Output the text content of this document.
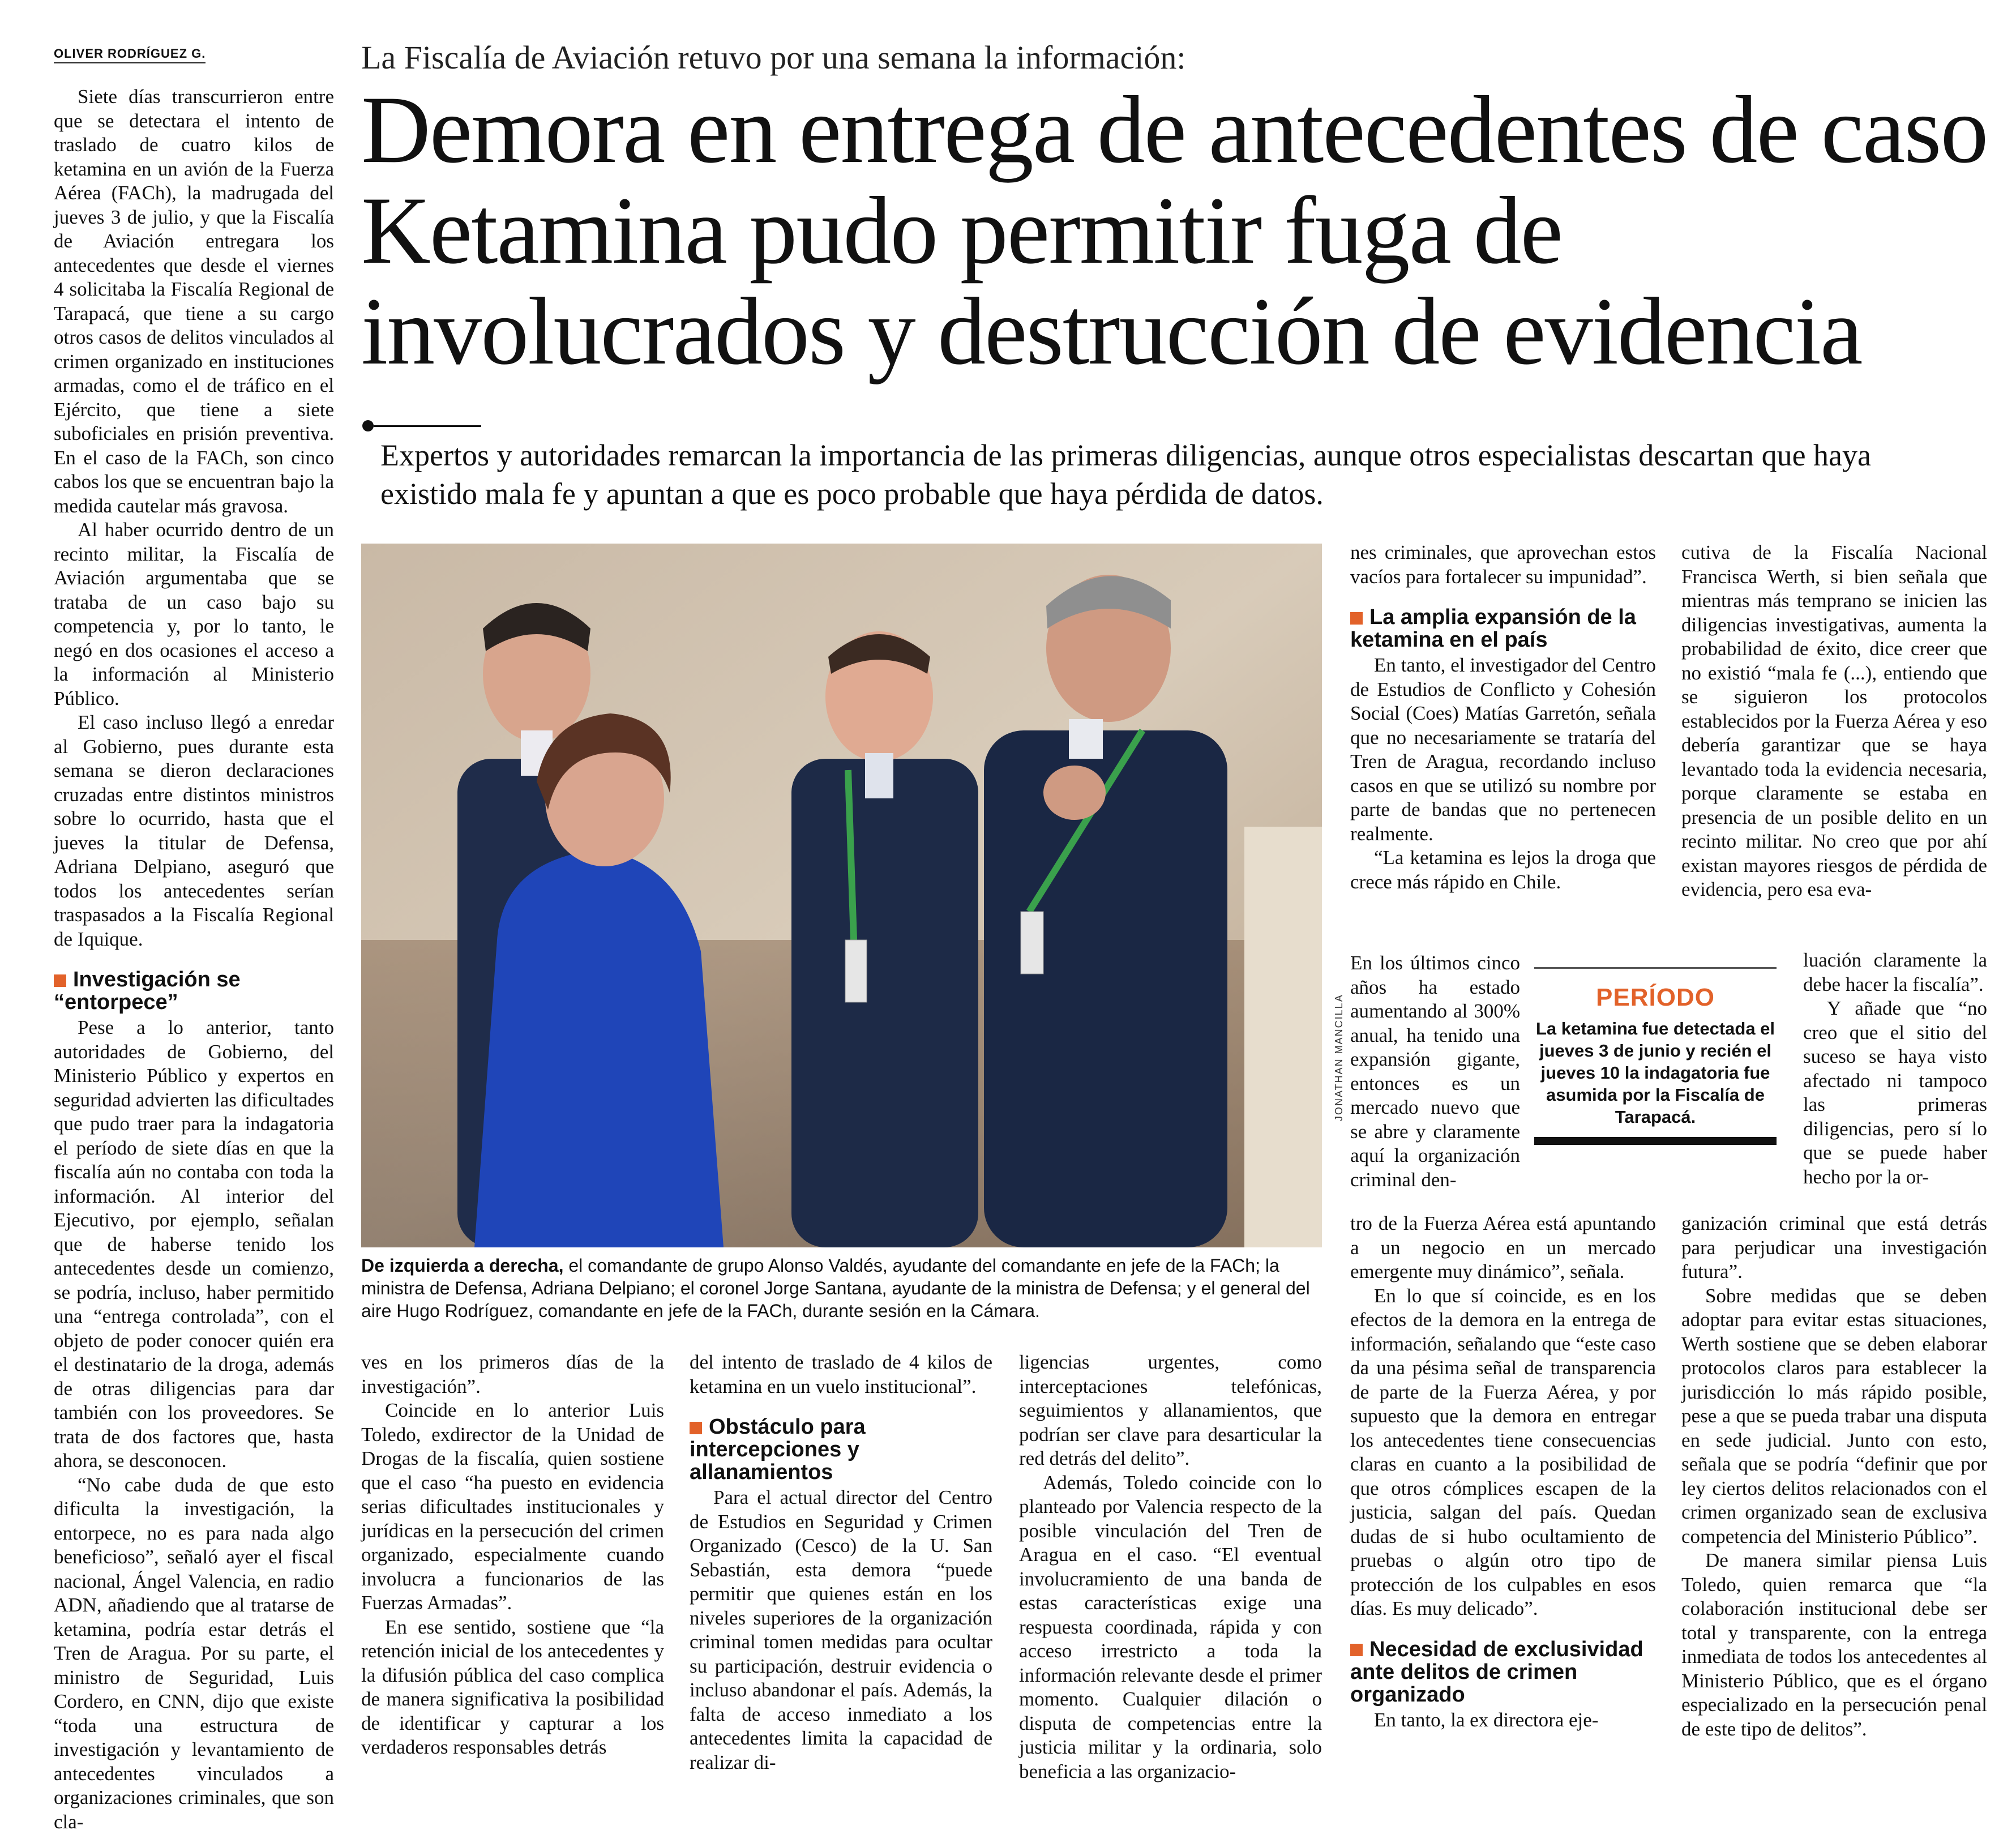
OLIVER RODRÍGUEZ G.

Siete días transcurrieron entre que se detectara el intento de traslado de cuatro kilos de ketamina en un avión de la Fuerza Aérea (FACh), la madrugada del jueves 3 de julio, y que la Fiscalía de Aviación entregara los antecedentes que desde el viernes 4 solicitaba la Fiscalía Regional de Tarapacá, que tiene a su cargo otros casos de delitos vinculados al crimen organizado en instituciones armadas, como el de tráfico en el Ejército, que tiene a siete suboficiales en prisión preventiva. En el caso de la FACh, son cinco cabos los que se encuentran bajo la medida cautelar más gravosa.

Al haber ocurrido dentro de un recinto militar, la Fiscalía de Aviación argumentaba que se trataba de un caso bajo su competencia y, por lo tanto, le negó en dos ocasiones el acceso a la información al Ministerio Público.

El caso incluso llegó a enredar al Gobierno, pues durante esta semana se dieron declaraciones cruzadas entre distintos ministros sobre lo ocurrido, hasta que el jueves la titular de Defensa, Adriana Delpiano, aseguró que todos los antecedentes serían traspasados a la Fiscalía Regional de Iquique.

Investigación se “entorpece”

Pese a lo anterior, tanto autoridades de Gobierno, del Ministerio Público y expertos en seguridad advierten las dificultades que pudo traer para la indagatoria el período de siete días en que la fiscalía aún no contaba con toda la información. Al interior del Ejecutivo, por ejemplo, señalan que de haberse tenido los antecedentes desde un comienzo, se podría, incluso, haber permitido una “entrega controlada”, con el objeto de poder conocer quién era el destinatario de la droga, además de otras diligencias para dar también con los proveedores. Se trata de dos factores que, hasta ahora, se desconocen.

“No cabe duda de que esto dificulta la investigación, la entorpece, no es para nada algo beneficioso”, señaló ayer el fiscal nacional, Ángel Valencia, en radio ADN, añadiendo que al tratarse de ketamina, podría estar detrás el Tren de Aragua. Por su parte, el ministro de Seguridad, Luis Cordero, en CNN, dijo que existe “toda una estructura de investigación y levantamiento de antecedentes vinculados a organizaciones criminales, que son cla-

La Fiscalía de Aviación retuvo por una semana la información:
Demora en entrega de antecedentes de caso Ketamina pudo permitir fuga de involucrados y destrucción de evidencia
Expertos y autoridades remarcan la importancia de las primeras diligencias, aunque otros especialistas descartan que haya existido mala fe y apuntan a que es poco probable que haya pérdida de datos.
JONATHAN MANCILLA
De izquierda a derecha, el comandante de grupo Alonso Valdés, ayudante del comandante en jefe de la FACh; la ministra de Defensa, Adriana Delpiano; el coronel Jorge Santana, ayudante de la ministra de Defensa; y el general del aire Hugo Rodríguez, comandante en jefe de la FACh, durante sesión en la Cámara.

ves en los primeros días de la investigación”.

Coincide en lo anterior Luis Toledo, exdirector de la Unidad de Drogas de la fiscalía, quien sostiene que el caso “ha puesto en evidencia serias dificultades institucionales y jurídicas en la persecución del crimen organizado, especialmente cuando involucra a funcionarios de las Fuerzas Armadas”.

En ese sentido, sostiene que “la retención inicial de los antecedentes y la difusión pública del caso complica de manera significativa la posibilidad de identificar y capturar a los verdaderos responsables detrás

del intento de traslado de 4 kilos de ketamina en un vuelo institucional”.

Obstáculo para intercepciones y allanamientos

Para el actual director del Centro de Estudios en Seguridad y Crimen Organizado (Cesco) de la U. San Sebastián, esta demora “puede permitir que quienes están en los niveles superiores de la organización criminal tomen medidas para ocultar su participación, destruir evidencia o incluso abandonar el país. Además, la falta de acceso inmediato a los antecedentes limita la capacidad de realizar di-

ligencias urgentes, como interceptaciones telefónicas, seguimientos y allanamientos, que podrían ser clave para desarticular la red detrás del delito”.

Además, Toledo coincide con lo planteado por Valencia respecto de la posible vinculación del Tren de Aragua en el caso. “El eventual involucramiento de una banda de estas características exige una respuesta coordinada, rápida y con acceso irrestricto a toda la información relevante desde el primer momento. Cualquier dilación o disputa de competencias entre la justicia militar y la ordinaria, solo beneficia a las organizacio-

nes criminales, que aprovechan estos vacíos para fortalecer su impunidad”.

La amplia expansión de la ketamina en el país

En tanto, el investigador del Centro de Estudios de Conflicto y Cohesión Social (Coes) Matías Garretón, señala que no necesariamente se trataría del Tren de Aragua, recordando incluso casos en que se utilizó su nombre por parte de bandas que no pertenecen realmente.

“La ketamina es lejos la droga que crece más rápido en Chile.

En los últimos cinco años ha estado aumentando al 300% anual, ha tenido una expansión gigante, entonces es un mercado nuevo que se abre y claramente aquí la organización criminal den-

tro de la Fuerza Aérea está apuntando a un negocio en un mercado emergente muy dinámico”, señala.

En lo que sí coincide, es en los efectos de la demora en la entrega de información, señalando que “este caso da una pésima señal de transparencia de parte de la Fuerza Aérea, y por supuesto que la demora en entregar los antecedentes tiene consecuencias claras en cuanto a la posibilidad de que otros cómplices escapen de la justicia, salgan del país. Quedan dudas de si hubo ocultamiento de pruebas o algún otro tipo de protección de los culpables en esos días. Es muy delicado”.

Necesidad de exclusividad ante delitos de crimen organizado

En tanto, la ex directora eje-

PERÍODO
La ketamina fue detectada el jueves 3 de junio y recién el jueves 10 la indagatoria fue asumida por la Fiscalía de Tarapacá.

cutiva de la Fiscalía Nacional Francisca Werth, si bien señala que mientras más temprano se inicien las diligencias investigativas, aumenta la probabilidad de éxito, dice creer que no existió “mala fe (...), entiendo que se siguieron los protocolos establecidos por la Fuerza Aérea y eso debería garantizar que se haya levantado toda la evidencia necesaria, porque claramente se estaba en presencia de un posible delito en un recinto militar. No creo que por ahí existan mayores riesgos de pérdida de evidencia, pero esa eva-

luación claramente la debe hacer la fiscalía”.

Y añade que “no creo que el sitio del suceso se haya visto afectado ni tampoco las primeras diligencias, pero sí lo que se puede haber hecho por la or-

ganización criminal que está detrás para perjudicar una investigación futura”.

Sobre medidas que se deben adoptar para evitar estas situaciones, Werth sostiene que se deben elaborar protocolos claros para establecer la jurisdicción lo más rápido posible, pese a que se pueda trabar una disputa en sede judicial. Junto con esto, señala que se podría “definir que por ley ciertos delitos relacionados con el crimen organizado sean de exclusiva competencia del Ministerio Público”.

De manera similar piensa Luis Toledo, quien remarca que “la colaboración institucional debe ser total y transparente, con la entrega inmediata de todos los antecedentes al Ministerio Público, que es el órgano especializado en la persecución penal de este tipo de delitos”.
